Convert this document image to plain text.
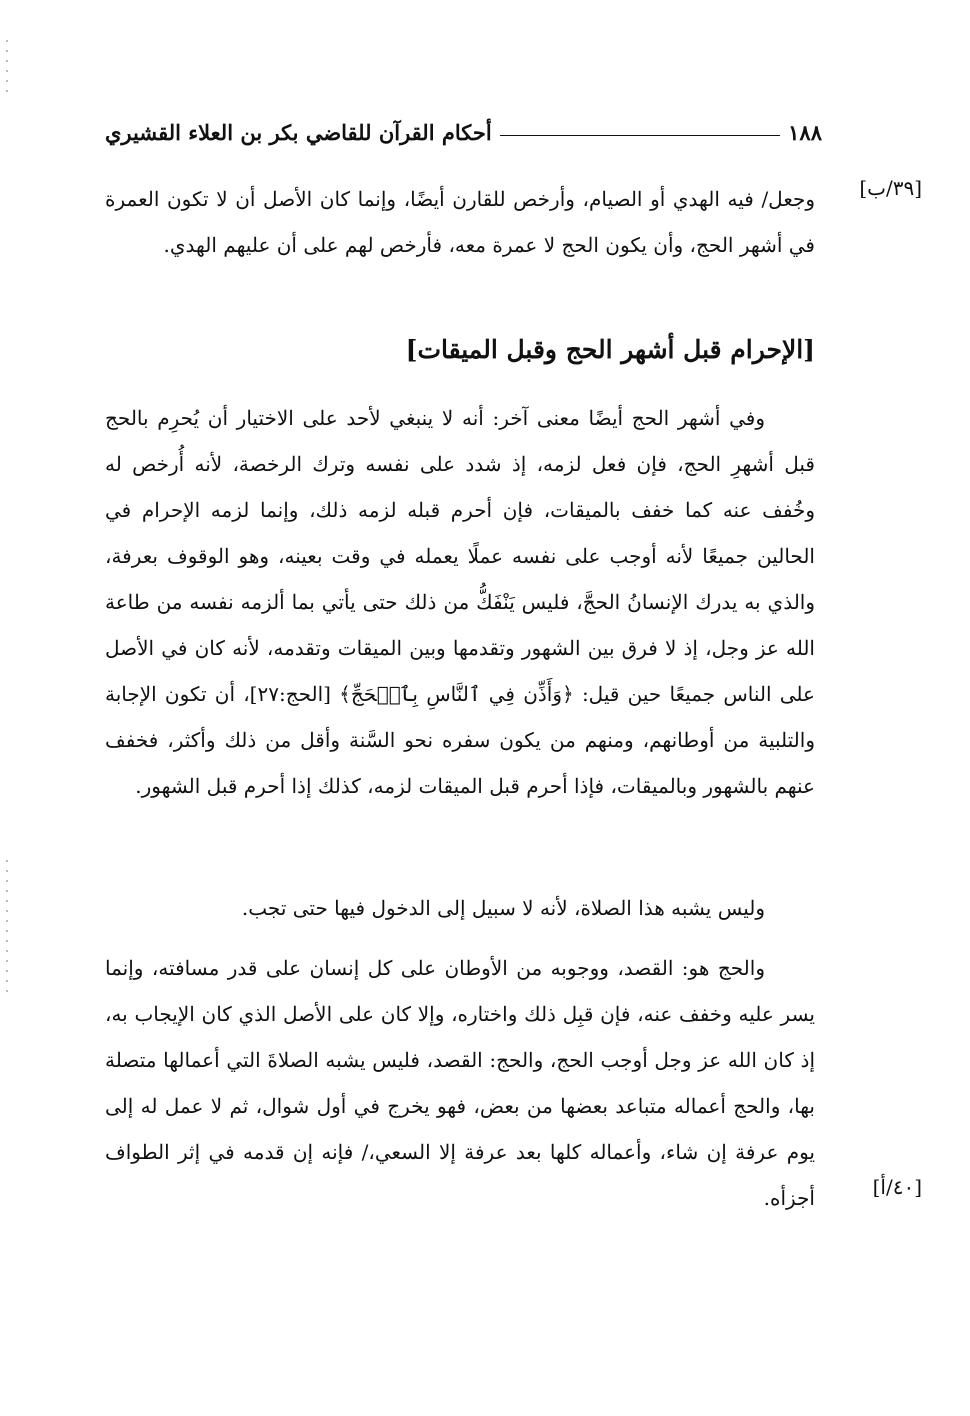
١٨٨
أحكام القرآن للقاضي بكر بن العلاء القشيري
[٣٩/ب]

وجعل/ فيه الهدي أو الصيام، وأرخص للقارن أيضًا، وإنما كان الأصل أن لا تكون العمرة في أشهر الحج، وأن يكون الحج لا عمرة معه، فأرخص لهم على أن عليهم الهدي.

[الإحرام قبل أشهر الحج وقبل الميقات]

وفي أشهر الحج أيضًا معنى آخر: أنه لا ينبغي لأحد على الاختيار أن يُحرِم بالحج قبل أشهرِ الحج، فإن فعل لزمه، إذ شدد على نفسه وترك الرخصة، لأنه أُرخص له وخُفف عنه كما خفف بالميقات، فإن أحرم قبله لزمه ذلك، وإنما لزمه الإحرام في الحالين جميعًا لأنه أوجب على نفسه عملًا يعمله في وقت بعينه، وهو الوقوف بعرفة، والذي به يدرك الإنسانُ الحجَّ، فليس يَنْفَكُّ من ذلك حتى يأتي بما ألزمه نفسه من طاعة الله عز وجل، إذ لا فرق بين الشهور وتقدمها وبين الميقات وتقدمه، لأنه كان في الأصل على الناس جميعًا حين قيل: ﴿وَأَذِّن فِي ٱلنَّاسِ بِٱلۡحَجِّ﴾ [الحج:٢٧]، أن تكون الإجابة والتلبية من أوطانهم، ومنهم من يكون سفره نحو السَّنة وأقل من ذلك وأكثر، فخفف عنهم بالشهور وبالميقات، فإذا أحرم قبل الميقات لزمه، كذلك إذا أحرم قبل الشهور.

وليس يشبه هذا الصلاة، لأنه لا سبيل إلى الدخول فيها حتى تجب.

والحج هو: القصد، ووجوبه من الأوطان على كل إنسان على قدر مسافته، وإنما يسر عليه وخفف عنه، فإن قبِل ذلك واختاره، وإلا كان على الأصل الذي كان الإيجاب به، إذ كان الله عز وجل أوجب الحج، والحج: القصد، فليس يشبه الصلاةَ التي أعمالها متصلة بها، والحج أعماله متباعد بعضها من بعض، فهو يخرج في أول شوال، ثم لا عمل له إلى يوم عرفة إن شاء، وأعماله كلها بعد عرفة إلا السعي،/ فإنه إن قدمه في إثر الطواف أجزأه.	[٤٠/أ]
